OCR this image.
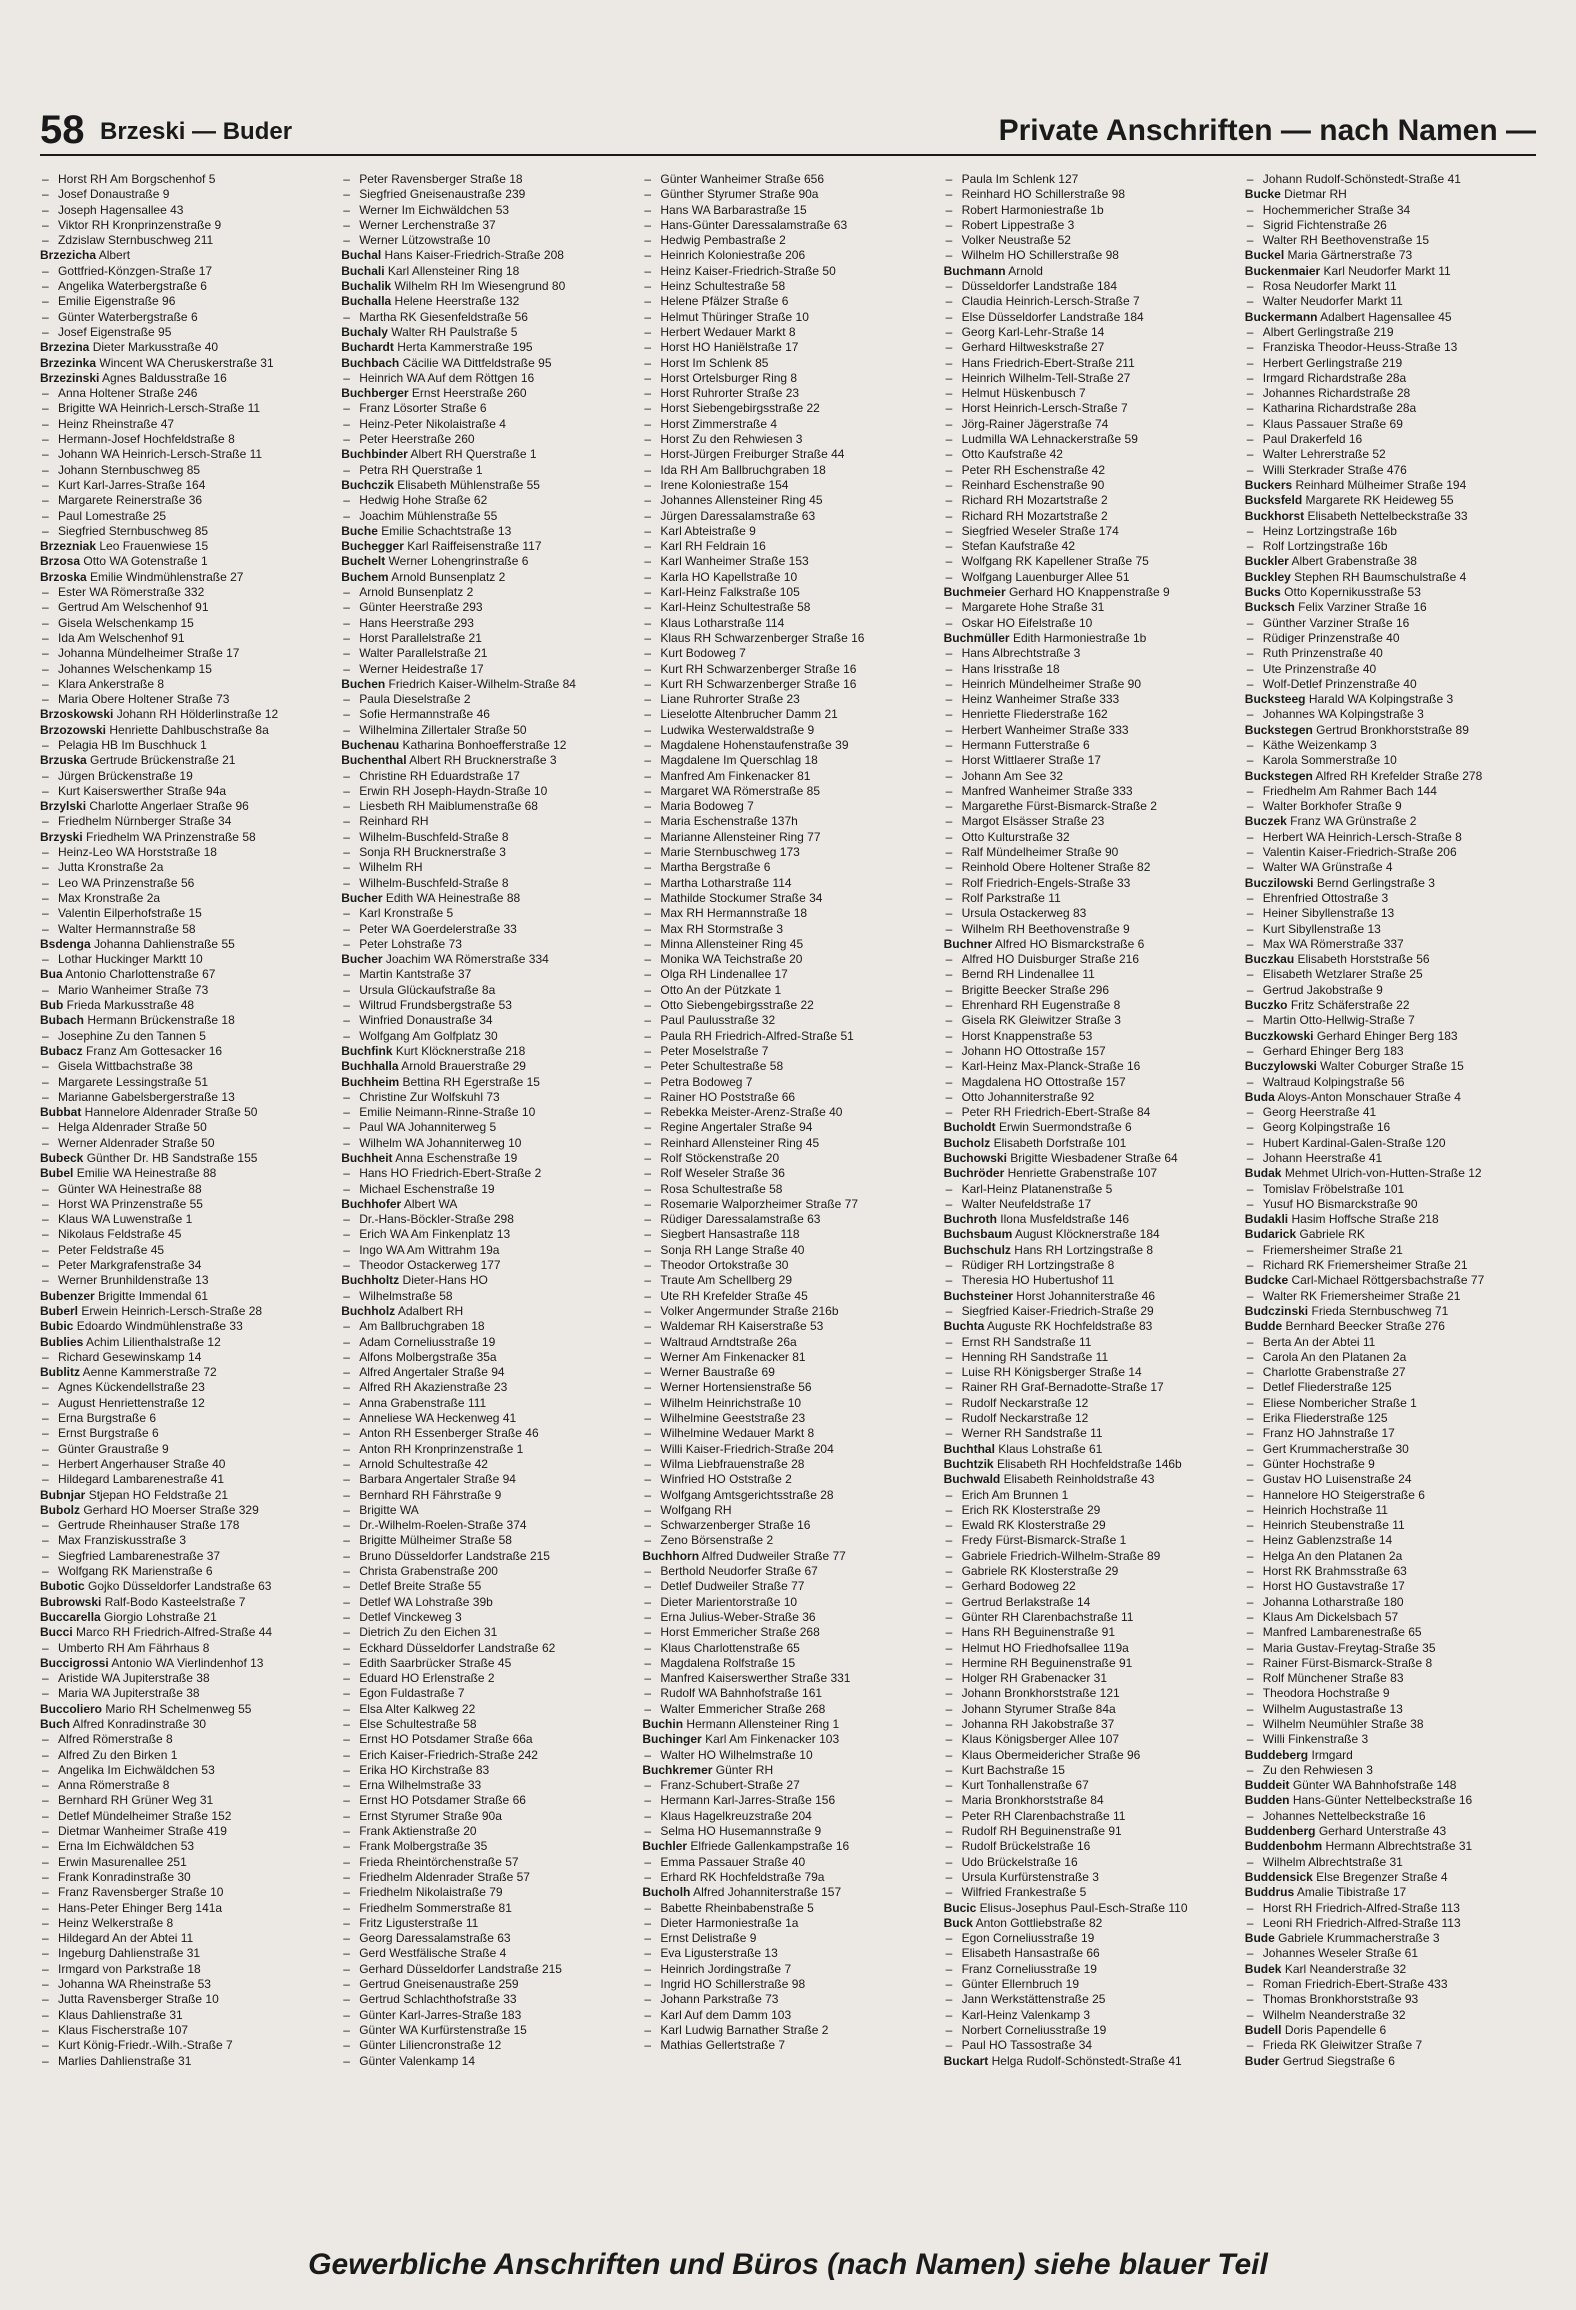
58 Brzeski — Buder	Private Anschriften — nach Namen —
– Horst RH Am Borgschenhof 5
– Josef Donaustraße 9
– Joseph Hagensallee 43
– Viktor RH Kronprinzenstraße 9
– Zdzislaw Sternbuschweg 211
Brzezicha Albert
– Gottfried-Könzgen-Straße 17
– Angelika Waterbergstraße 6
– Emilie Eigenstraße 96
– Günter Waterbergstraße 6
– Josef Eigenstraße 95
Brzezina Dieter Markusstraße 40
Brzezinka Wincent WA Cheruskerstraße 31
Brzezinski Agnes Baldusstraße 16
– Anna Holtener Straße 246
– Brigitte WA Heinrich-Lersch-Straße 11
– Heinz Rheinstraße 47
– Hermann-Josef Hochfeldstraße 8
– Johann WA Heinrich-Lersch-Straße 11
– Johann Sternbuschweg 85
– Kurt Karl-Jarres-Straße 164
– Margarete Reinerstraße 36
– Paul Lomestraße 25
– Siegfried Sternbuschweg 85
Brzezniak Leo Frauenwiese 15
Brzosa Otto WA Gotenstraße 1
Brzoska Emilie Windmühlenstraße 27
– Ester WA Römerstraße 332
– Gertrud Am Welschenhof 91
– Gisela Welschenkamp 15
– Ida Am Welschenhof 91
– Johanna Mündelheimer Straße 17
– Johannes Welschenkamp 15
– Klara Ankerstraße 8
– Maria Obere Holtener Straße 73
Brzoskowski Johann RH Hölderlinstraße 12
Brzozowski Henriette Dahlbuschstraße 8a
– Pelagia HB Im Buschhuck 1
Brzuska Gertrude Brückenstraße 21
– Jürgen Brückenstraße 19
– Kurt Kaiserswerther Straße 94a
Brzylski Charlotte Angerlaer Straße 96
– Friedhelm Nürnberger Straße 34
Brzyski Friedhelm WA Prinzenstraße 58
– Heinz-Leo WA Horststraße 18
– Jutta Kronstraße 2a
– Leo WA Prinzenstraße 56
– Max Kronstraße 2a
– Valentin Eilperhofstraße 15
– Walter Hermannstraße 58
Bsdenga Johanna Dahlienstraße 55
– Lothar Huckinger Marktt 10
Bua Antonio Charlottenstraße 67
– Mario Wanheimer Straße 73
Bub Frieda Markusstraße 48
Bubach Hermann Brückenstraße 18
– Josephine Zu den Tannen 5
Bubacz Franz Am Gottesacker 16
– Gisela Wittbachstraße 38
– Margarete Lessingstraße 51
– Marianne Gabelsbergerstraße 13
Bubbat Hannelore Aldenrader Straße 50
– Helga Aldenrader Straße 50
– Werner Aldenrader Straße 50
Bubeck Günther Dr. HB Sandstraße 155
Bubel Emilie WA Heinestraße 88
– Günter WA Heinestraße 88
– Horst WA Prinzenstraße 55
– Klaus WA Luwenstraße 1
– Nikolaus Feldstraße 45
– Peter Feldstraße 45
– Peter Markgrafenstraße 34
– Werner Brunhildenstraße 13
Bubenzer Brigitte Immendal 61
Buberl Erwein Heinrich-Lersch-Straße 28
Bubic Edoardo Windmühlenstraße 33
Bublies Achim Lilienthalstraße 12
– Richard Gesewinskamp 14
Bublitz Aenne Kammerstraße 72
– Agnes Kückendellstraße 23
– August Henriettenstraße 12
– Erna Burgstraße 6
– Ernst Burgstraße 6
– Günter Graustraße 9
– Herbert Angerhauser Straße 40
– Hildegard Lambarenestraße 41
Bubnjar Stjepan HO Feldstraße 21
Bubolz Gerhard HO Moerser Straße 329
– Gertrude Rheinhauser Straße 178
– Max Franziskusstraße 3
– Siegfried Lambarenestraße 37
– Wolfgang RK Marienstraße 6
Bubotic Gojko Düsseldorfer Landstraße 63
Bubrowski Ralf-Bodo Kasteelstraße 7
Buccarella Giorgio Lohstraße 21
Bucci Marco RH Friedrich-Alfred-Straße 44
– Umberto RH Am Fährhaus 8
Buccigrossi Antonio WA Vierlindenhof 13
– Aristide WA Jupiterstraße 38
– Maria WA Jupiterstraße 38
Buccoliero Mario RH Schelmenweg 55
Buch Alfred Konradinstraße 30
– Alfred Römerstraße 8
– Alfred Zu den Birken 1
– Angelika Im Eichwäldchen 53
– Anna Römerstraße 8
– Bernhard RH Grüner Weg 31
– Detlef Mündelheimer Straße 152
– Dietmar Wanheimer Straße 419
– Erna Im Eichwäldchen 53
– Erwin Masurenallee 251
– Frank Konradinstraße 30
– Franz Ravensberger Straße 10
– Hans-Peter Ehinger Berg 141a
– Heinz Welkerstraße 8
– Hildegard An der Abtei 11
– Ingeburg Dahlienstraße 31
– Irmgard von Parkstraße 18
– Johanna WA Rheinstraße 53
– Jutta Ravensberger Straße 10
– Klaus Dahlienstraße 31
– Klaus Fischerstraße 107
– Kurt König-Friedr.-Wilh.-Straße 7
– Marlies Dahlienstraße 31
– Peter Ravensberger Straße 18
– Siegfried Gneisenaustraße 239
– Werner Im Eichwäldchen 53
– Werner Lerchenstraße 37
– Werner Lützowstraße 10
Buchal Hans Kaiser-Friedrich-Straße 208
Buchali Karl Allensteiner Ring 18
Buchalik Wilhelm RH Im Wiesengrund 80
Buchalla Helene Heerstraße 132
– Martha RK Giesenfeldstraße 56
Buchaly Walter RH Paulstraße 5
Buchardt Herta Kammerstraße 195
Buchbach Cäcilie WA Dittfeldstraße 95
– Heinrich WA Auf dem Röttgen 16
Buchberger Ernst Heerstraße 260
– Franz Lösorter Straße 6
– Heinz-Peter Nikolaistraße 4
– Peter Heerstraße 260
Buchbinder Albert RH Querstraße 1
– Petra RH Querstraße 1
Buchczik Elisabeth Mühlenstraße 55
– Hedwig Hohe Straße 62
– Joachim Mühlenstraße 55
Buche Emilie Schachtstraße 13
Buchegger Karl Raiffeisenstraße 117
Buchelt Werner Lohengrinstraße 6
Buchem Arnold Bunsenplatz 2
– Arnold Bunsenplatz 2
– Günter Heerstraße 293
– Hans Heerstraße 293
– Horst Parallelstraße 21
– Walter Parallelstraße 21
– Werner Heidestraße 17
Buchen Friedrich Kaiser-Wilhelm-Straße 84
– Paula Dieselstraße 2
– Sofie Hermannstraße 46
– Wilhelmina Zillertaler Straße 50
Buchenau Katharina Bonhoefferstraße 12
Buchenthal Albert RH Brucknerstraße 3
– Christine RH Eduardstraße 17
– Erwin RH Joseph-Haydn-Straße 10
– Liesbeth RH Maiblumenstraße 68
– Reinhard RH
– Wilhelm-Buschfeld-Straße 8
– Sonja RH Brucknerstraße 3
– Wilhelm RH
– Wilhelm-Buschfeld-Straße 8
Bucher Edith WA Heinestraße 88
– Karl Kronstraße 5
– Peter WA Goerdelerstraße 33
– Peter Lohstraße 73
Bucher Joachim WA Römerstraße 334
– Martin Kantstraße 37
– Ursula Glückaufstraße 8a
– Wiltrud Frundsbergstraße 53
– Winfried Donaustraße 34
– Wolfgang Am Golfplatz 30
Buchfink Kurt Klöcknerstraße 218
Buchhalla Arnold Brauerstraße 29
Buchheim Bettina RH Egerstraße 15
– Christine Zur Wolfskuhl 73
– Emilie Neimann-Rinne-Straße 10
– Paul WA Johanniterweg 5
– Wilhelm WA Johanniterweg 10
Buchheit Anna Eschenstraße 19
– Hans HO Friedrich-Ebert-Straße 2
– Michael Eschenstraße 19
Buchhofer Albert WA
– Dr.-Hans-Böckler-Straße 298
– Erich WA Am Finkenplatz 13
– Ingo WA Am Wittrahm 19a
– Theodor Ostackerweg 177
Buchholtz Dieter-Hans HO
– Wilhelmstraße 58
Buchholz Adalbert RH
– Am Ballbruchgraben 18
– Adam Corneliusstraße 19
– Alfons Molbergstraße 35a
– Alfred Angertaler Straße 94
– Alfred RH Akazienstraße 23
– Anna Grabenstraße 111
– Anneliese WA Heckenweg 41
– Anton RH Essenberger Straße 46
– Anton RH Kronprinzenstraße 1
– Arnold Schultestraße 42
– Barbara Angertaler Straße 94
– Bernhard RH Fährstraße 9
– Brigitte WA
– Dr.-Wilhelm-Roelen-Straße 374
– Brigitte Mülheimer Straße 58
– Bruno Düsseldorfer Landstraße 215
– Christa Grabenstraße 200
– Detlef Breite Straße 55
– Detlef WA Lohstraße 39b
– Detlef Vinckeweg 3
– Dietrich Zu den Eichen 31
– Eckhard Düsseldorfer Landstraße 62
– Edith Saarbrücker Straße 45
– Eduard HO Erlenstraße 2
– Egon Fuldastraße 7
– Elsa Alter Kalkweg 22
– Else Schultestraße 58
– Ernst HO Potsdamer Straße 66a
– Erich Kaiser-Friedrich-Straße 242
– Erika HO Kirchstraße 83
– Erna Wilhelmstraße 33
– Ernst HO Potsdamer Straße 66
– Ernst Styrumer Straße 90a
– Frank Aktienstraße 20
– Frank Molbergstraße 35
– Frieda Rheintörchenstraße 57
– Friedhelm Aldenrader Straße 57
– Friedhelm Nikolaistraße 79
– Friedhelm Sommerstraße 81
– Fritz Ligusterstraße 11
– Georg Daressalamstraße 63
– Gerd Westfälische Straße 4
– Gerhard Düsseldorfer Landstraße 215
– Gertrud Gneisenaustraße 259
– Gertrud Schlachthofstraße 33
– Günter Karl-Jarres-Straße 183
– Günter WA Kurfürstenstraße 15
– Günter Liliencronstraße 12
– Günter Valenkamp 14
– Günter Wanheimer Straße 656
– Günther Styrumer Straße 90a
– Hans WA Barbarastraße 15
– Hans-Günter Daressalamstraße 63
– Hedwig Pembastraße 2
– Heinrich Koloniestraße 206
– Heinz Kaiser-Friedrich-Straße 50
– Heinz Schultestraße 58
– Helene Pfälzer Straße 6
– Helmut Thüringer Straße 10
– Herbert Wedauer Markt 8
– Horst HO Haniëlstraße 17
– Horst Im Schlenk 85
– Horst Ortelsburger Ring 8
– Horst Ruhrorter Straße 23
– Horst Siebengebirgsstraße 22
– Horst Zimmerstraße 4
– Horst Zu den Rehwiesen 3
– Horst-Jürgen Freiburger Straße 44
– Ida RH Am Ballbruchgraben 18
– Irene Koloniestraße 154
– Johannes Allensteiner Ring 45
– Jürgen Daressalamstraße 63
– Karl Abteistraße 9
– Karl RH Feldrain 16
– Karl Wanheimer Straße 153
– Karla HO Kapellstraße 10
– Karl-Heinz Falkstraße 105
– Karl-Heinz Schultestraße 58
– Klaus Lotharstraße 114
– Klaus RH Schwarzenberger Straße 16
– Kurt Bodoweg 7
– Kurt RH Schwarzenberger Straße 16
– Kurt RH Schwarzenberger Straße 16
– Liane Ruhrorter Straße 23
– Lieselotte Altenbrucher Damm 21
– Ludwika Westerwaldstraße 9
– Magdalene Hohenstaufenstraße 39
– Magdalene Im Querschlag 18
– Manfred Am Finkenacker 81
– Margaret WA Römerstraße 85
– Maria Bodoweg 7
– Maria Eschenstraße 137h
– Marianne Allensteiner Ring 77
– Marie Sternbuschweg 173
– Martha Bergstraße 6
– Martha Lotharstraße 114
– Mathilde Stockumer Straße 34
– Max RH Hermannstraße 18
– Max RH Stormstraße 3
– Minna Allensteiner Ring 45
– Monika WA Teichstraße 20
– Olga RH Lindenallee 17
– Otto An der Pützkate 1
– Otto Siebengebirgsstraße 22
– Paul Paulusstraße 32
– Paula RH Friedrich-Alfred-Straße 51
– Peter Moselstraße 7
– Peter Schultestraße 58
– Petra Bodoweg 7
– Rainer HO Poststraße 66
– Rebekka Meister-Arenz-Straße 40
– Regine Angertaler Straße 94
– Reinhard Allensteiner Ring 45
– Rolf Stöckenstraße 20
– Rolf Weseler Straße 36
– Rosa Schultestraße 58
– Rosemarie Walporzheimer Straße 77
– Rüdiger Daressalamstraße 63
– Siegbert Hansastraße 118
– Sonja RH Lange Straße 40
– Theodor Ortokstraße 30
– Traute Am Schellberg 29
– Ute RH Krefelder Straße 45
– Volker Angermunder Straße 216b
– Waldemar RH Kaiserstraße 53
– Waltraud Arndtstraße 26a
– Werner Am Finkenacker 81
– Werner Baustraße 69
– Werner Hortensienstraße 56
– Wilhelm Heinrichstraße 10
– Wilhelmine Geeststraße 23
– Wilhelmine Wedauer Markt 8
– Willi Kaiser-Friedrich-Straße 204
– Wilma Liebfrauenstraße 28
– Winfried HO Oststraße 2
– Wolfgang Amtsgerichtsstraße 28
– Wolfgang RH
– Schwarzenberger Straße 16
– Zeno Börsenstraße 2
Buchhorn Alfred Dudweiler Straße 77
– Berthold Neudorfer Straße 67
– Detlef Dudweiler Straße 77
– Dieter Marientorstraße 10
– Erna Julius-Weber-Straße 36
– Horst Emmericher Straße 268
– Klaus Charlottenstraße 65
– Magdalena Rolfstraße 15
– Manfred Kaiserswerther Straße 331
– Rudolf WA Bahnhofstraße 161
– Walter Emmericher Straße 268
Buchin Hermann Allensteiner Ring 1
Buchinger Karl Am Finkenacker 103
– Walter HO Wilhelmstraße 10
Buchkremer Günter RH
– Franz-Schubert-Straße 27
– Hermann Karl-Jarres-Straße 156
– Klaus Hagelkreuzstraße 204
– Selma HO Husemannstraße 9
Buchler Elfriede Gallenkampstraße 16
– Emma Passauer Straße 40
– Erhard RK Hochfeldstraße 79a
Bucholh Alfred Johanniterstraße 157
– Babette Rheinbabenstraße 5
– Dieter Harmoniestraße 1a
– Ernst Delistraße 9
– Eva Ligusterstraße 13
– Heinrich Jordingstraße 7
– Ingrid HO Schillerstraße 98
– Johann Parkstraße 73
– Karl Auf dem Damm 103
– Karl Ludwig Barnather Straße 2
– Mathias Gellertstraße 7
– Paula Im Schlenk 127
– Reinhard HO Schillerstraße 98
– Robert Harmoniestraße 1b
– Robert Lippestraße 3
– Volker Neustraße 52
– Wilhelm HO Schillerstraße 98
Buchmann Arnold
– Düsseldorfer Landstraße 184
– Claudia Heinrich-Lersch-Straße 7
– Else Düsseldorfer Landstraße 184
– Georg Karl-Lehr-Straße 14
– Gerhard Hiltweskstraße 27
– Hans Friedrich-Ebert-Straße 211
– Heinrich Wilhelm-Tell-Straße 27
– Helmut Hüskenbusch 7
– Horst Heinrich-Lersch-Straße 7
– Jörg-Rainer Jägerstraße 74
– Ludmilla WA Lehnackerstraße 59
– Otto Kaufstraße 42
– Peter RH Eschenstraße 42
– Reinhard Eschenstraße 90
– Richard RH Mozartstraße 2
– Richard RH Mozartstraße 2
– Siegfried Weseler Straße 174
– Stefan Kaufstraße 42
– Wolfgang RK Kapellener Straße 75
– Wolfgang Lauenburger Allee 51
Buchmeier Gerhard HO Knappenstraße 9
– Margarete Hohe Straße 31
– Oskar HO Eifelstraße 10
Buchmüller Edith Harmoniestraße 1b
– Hans Albrechtstraße 3
– Hans Irisstraße 18
– Heinrich Mündelheimer Straße 90
– Heinz Wanheimer Straße 333
– Henriette Fliederstraße 162
– Herbert Wanheimer Straße 333
– Hermann Futterstraße 6
– Horst Wittlaerer Straße 17
– Johann Am See 32
– Manfred Wanheimer Straße 333
– Margarethe Fürst-Bismarck-Straße 2
– Margot Elsässer Straße 23
– Otto Kulturstraße 32
– Ralf Mündelheimer Straße 90
– Reinhold Obere Holtener Straße 82
– Rolf Friedrich-Engels-Straße 33
– Rolf Parkstraße 11
– Ursula Ostackerweg 83
– Wilhelm RH Beethovenstraße 9
Buchner Alfred HO Bismarckstraße 6
– Alfred HO Duisburger Straße 216
– Bernd RH Lindenallee 11
– Brigitte Beecker Straße 296
– Ehrenhard RH Eugenstraße 8
– Gisela RK Gleiwitzer Straße 3
– Horst Knappenstraße 53
– Johann HO Ottostraße 157
– Karl-Heinz Max-Planck-Straße 16
– Magdalena HO Ottostraße 157
– Otto Johanniterstraße 92
– Peter RH Friedrich-Ebert-Straße 84
Bucholdt Erwin Suermondstraße 6
Bucholz Elisabeth Dorfstraße 101
Buchowski Brigitte Wiesbadener Straße 64
Buchröder Henriette Grabenstraße 107
– Karl-Heinz Platanenstraße 5
– Walter Neufeldstraße 17
Buchroth Ilona Musfeldstraße 146
Buchsbaum August Klöcknerstraße 184
Buchschulz Hans RH Lortzingstraße 8
– Rüdiger RH Lortzingstraße 8
– Theresia HO Hubertushof 11
Buchsteiner Horst Johanniterstraße 46
– Siegfried Kaiser-Friedrich-Straße 29
Buchta Auguste RK Hochfeldstraße 83
– Ernst RH Sandstraße 11
– Henning RH Sandstraße 11
– Luise RH Königsberger Straße 14
– Rainer RH Graf-Bernadotte-Straße 17
– Rudolf Neckarstraße 12
– Rudolf Neckarstraße 12
– Werner RH Sandstraße 11
Buchthal Klaus Lohstraße 61
Buchtzik Elisabeth RH Hochfeldstraße 146b
Buchwald Elisabeth Reinholdstraße 43
– Erich Am Brunnen 1
– Erich RK Klosterstraße 29
– Ewald RK Klosterstraße 29
– Fredy Fürst-Bismarck-Straße 1
– Gabriele Friedrich-Wilhelm-Straße 89
– Gabriele RK Klosterstraße 29
– Gerhard Bodoweg 22
– Gertrud Berlakstraße 14
– Günter RH Clarenbachstraße 11
– Hans RH Beguinenstraße 91
– Helmut HO Friedhofsallee 119a
– Hermine RH Beguinenstraße 91
– Holger RH Grabenacker 31
– Johann Bronkhorststraße 121
– Johann Styrumer Straße 84a
– Johanna RH Jakobstraße 37
– Klaus Königsberger Allee 107
– Klaus Obermeidericher Straße 96
– Kurt Bachstraße 15
– Kurt Tonhallenstraße 67
– Maria Bronkhorststraße 84
– Peter RH Clarenbachstraße 11
– Rudolf RH Beguinenstraße 91
– Rudolf Brückelstraße 16
– Udo Brückelstraße 16
– Ursula Kurfürstenstraße 3
– Wilfried Frankestraße 5
Bucic Elisus-Josephus Paul-Esch-Straße 110
Buck Anton Gottliebstraße 82
– Egon Corneliusstraße 19
– Elisabeth Hansastraße 66
– Franz Corneliusstraße 19
– Günter Ellernbruch 19
– Jann Werkstättenstraße 25
– Karl-Heinz Valenkamp 3
– Norbert Corneliusstraße 19
– Paul HO Tassostraße 34
Buckart Helga Rudolf-Schönstedt-Straße 41
– Johann Rudolf-Schönstedt-Straße 41
Bucke Dietmar RH
– Hochemmericher Straße 34
– Sigrid Fichtenstraße 26
– Walter RH Beethovenstraße 15
Buckel Maria Gärtnerstraße 73
Buckenmaier Karl Neudorfer Markt 11
– Rosa Neudorfer Markt 11
– Walter Neudorfer Markt 11
Buckermann Adalbert Hagensallee 45
– Albert Gerlingstraße 219
– Franziska Theodor-Heuss-Straße 13
– Herbert Gerlingstraße 219
– Irmgard Richardstraße 28a
– Johannes Richardstraße 28
– Katharina Richardstraße 28a
– Klaus Passauer Straße 69
– Paul Drakerfeld 16
– Walter Lehrerstraße 52
– Willi Sterkrader Straße 476
Buckers Reinhard Mülheimer Straße 194
Bucksfeld Margarete RK Heideweg 55
Buckhorst Elisabeth Nettelbeckstraße 33
– Heinz Lortzingstraße 16b
– Rolf Lortzingstraße 16b
Buckler Albert Grabenstraße 38
Buckley Stephen RH Baumschulstraße 4
Bucks Otto Kopernikusstraße 53
Bucksch Felix Varziner Straße 16
– Günther Varziner Straße 16
– Rüdiger Prinzenstraße 40
– Ruth Prinzenstraße 40
– Ute Prinzenstraße 40
– Wolf-Detlef Prinzenstraße 40
Bucksteeg Harald WA Kolpingstraße 3
– Johannes WA Kolpingstraße 3
Buckstegen Gertrud Bronkhorststraße 89
– Käthe Weizenkamp 3
– Karola Sommerstraße 10
Buckstegen Alfred RH Krefelder Straße 278
– Friedhelm Am Rahmer Bach 144
– Walter Borkhofer Straße 9
Buczek Franz WA Grünstraße 2
– Herbert WA Heinrich-Lersch-Straße 8
– Valentin Kaiser-Friedrich-Straße 206
– Walter WA Grünstraße 4
Buczilowski Bernd Gerlingstraße 3
– Ehrenfried Ottostraße 3
– Heiner Sibyllenstraße 13
– Kurt Sibyllenstraße 13
– Max WA Römerstraße 337
Buczkau Elisabeth Horststraße 56
– Elisabeth Wetzlarer Straße 25
– Gertrud Jakobstraße 9
Buczko Fritz Schäferstraße 22
– Martin Otto-Hellwig-Straße 7
Buczkowski Gerhard Ehinger Berg 183
– Gerhard Ehinger Berg 183
Buczylowski Walter Coburger Straße 15
– Waltraud Kolpingstraße 56
Buda Aloys-Anton Monschauer Straße 4
– Georg Heerstraße 41
– Georg Kolpingstraße 16
– Hubert Kardinal-Galen-Straße 120
– Johann Heerstraße 41
Budak Mehmet Ulrich-von-Hutten-Straße 12
– Tomislav Fröbelstraße 101
– Yusuf HO Bismarckstraße 90
Budakli Hasim Hoffsche Straße 218
Budarick Gabriele RK
– Friemersheimer Straße 21
– Richard RK Friemersheimer Straße 21
Budcke Carl-Michael Röttgersbachstraße 77
– Walter RK Friemersheimer Straße 21
Budczinski Frieda Sternbuschweg 71
Budde Bernhard Beecker Straße 276
– Berta An der Abtei 11
– Carola An den Platanen 2a
– Charlotte Grabenstraße 27
– Detlef Fliederstraße 125
– Eliese Nombericher Straße 1
– Erika Fliederstraße 125
– Franz HO Jahnstraße 17
– Gert Krummacherstraße 30
– Günter Hochstraße 9
– Gustav HO Luisenstraße 24
– Hannelore HO Steigerstraße 6
– Heinrich Hochstraße 11
– Heinrich Steubenstraße 11
– Heinz Gablenzstraße 14
– Helga An den Platanen 2a
– Horst RK Brahmsstraße 63
– Horst HO Gustavstraße 17
– Johanna Lotharstraße 180
– Klaus Am Dickelsbach 57
– Manfred Lambarenestraße 65
– Maria Gustav-Freytag-Straße 35
– Rainer Fürst-Bismarck-Straße 8
– Rolf Münchener Straße 83
– Theodora Hochstraße 9
– Wilhelm Augustastraße 13
– Wilhelm Neumühler Straße 38
– Willi Finkenstraße 3
Buddeberg Irmgard
– Zu den Rehwiesen 3
Buddeit Günter WA Bahnhofstraße 148
Budden Hans-Günter Nettelbeckstraße 16
– Johannes Nettelbeckstraße 16
Buddenberg Gerhard Unterstraße 43
Buddenbohm Hermann Albrechtstraße 31
– Wilhelm Albrechtstraße 31
Buddensick Else Bregenzer Straße 4
Buddrus Amalie Tibistraße 17
– Horst RH Friedrich-Alfred-Straße 113
– Leoni RH Friedrich-Alfred-Straße 113
Bude Gabriele Krummacherstraße 3
– Johannes Weseler Straße 61
Budek Karl Neanderstraße 32
– Roman Friedrich-Ebert-Straße 433
– Thomas Bronkhorststraße 93
– Wilhelm Neanderstraße 32
Budell Doris Papendelle 6
– Frieda RK Gleiwitzer Straße 7
Buder Gertrud Siegstraße 6
Gewerbliche Anschriften und Büros (nach Namen) siehe blauer Teil
